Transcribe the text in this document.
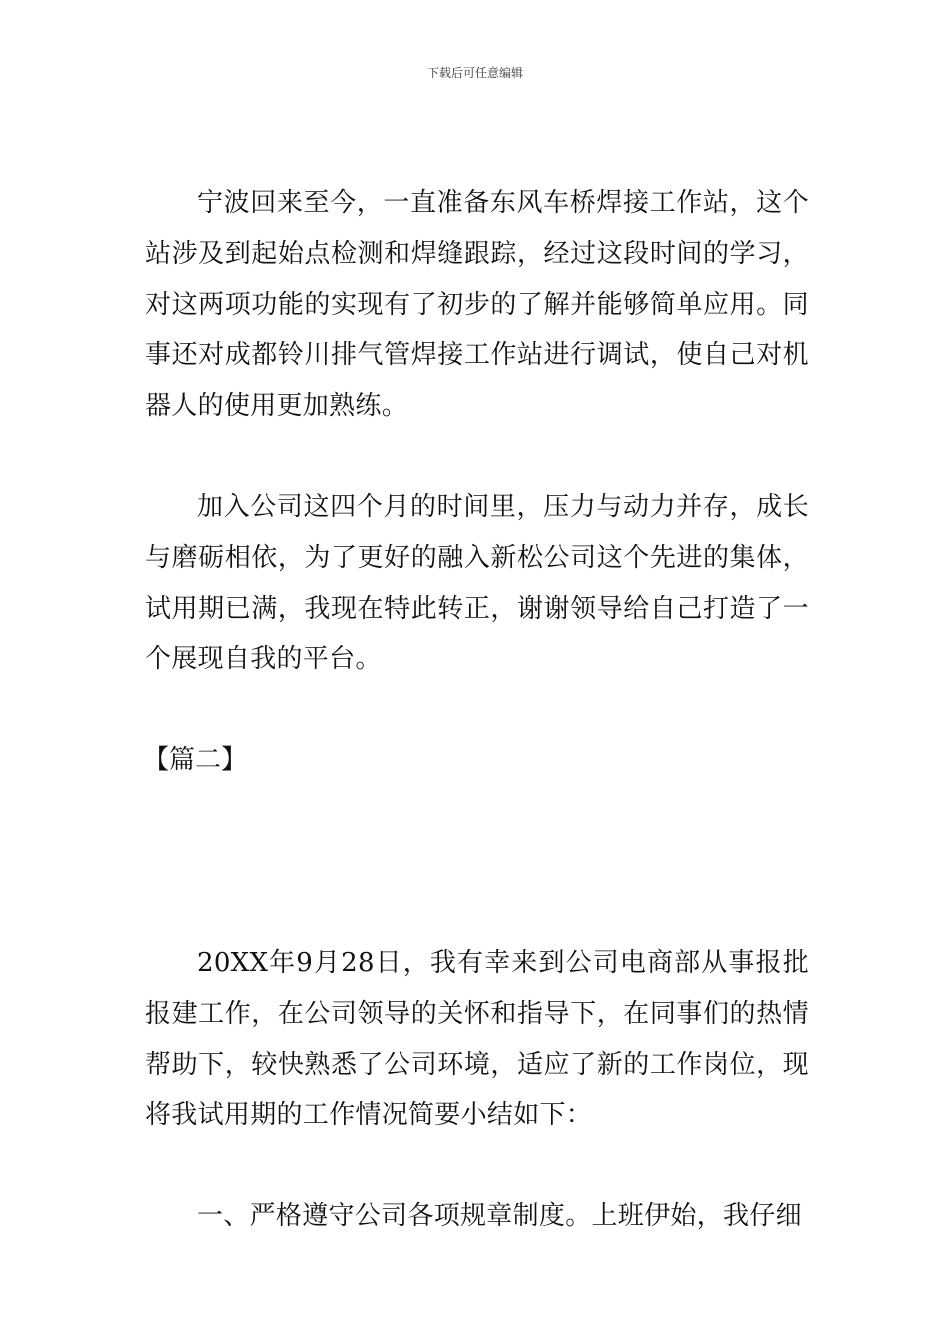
下载后可任意编辑

宁波回来至今，一直准备东风车桥焊接工作站，这个站涉及到起始点检测和焊缝跟踪，经过这段时间的学习，对这两项功能的实现有了初步的了解并能够简单应用。同事还对成都铃川排气管焊接工作站进行调试，使自己对机器人的使用更加熟练。

加入公司这四个月的时间里，压力与动力并存，成长与磨砺相依，为了更好的融入新松公司这个先进的集体，试用期已满，我现在特此转正，谢谢领导给自己打造了一个展现自我的平台。

【篇二】

20XX年9月28日，我有幸来到公司电商部从事报批报建工作，在公司领导的关怀和指导下，在同事们的热情帮助下，较快熟悉了公司环境，适应了新的工作岗位，现将我试用期的工作情况简要小结如下：

一、严格遵守公司各项规章制度。上班伊始，我仔细
